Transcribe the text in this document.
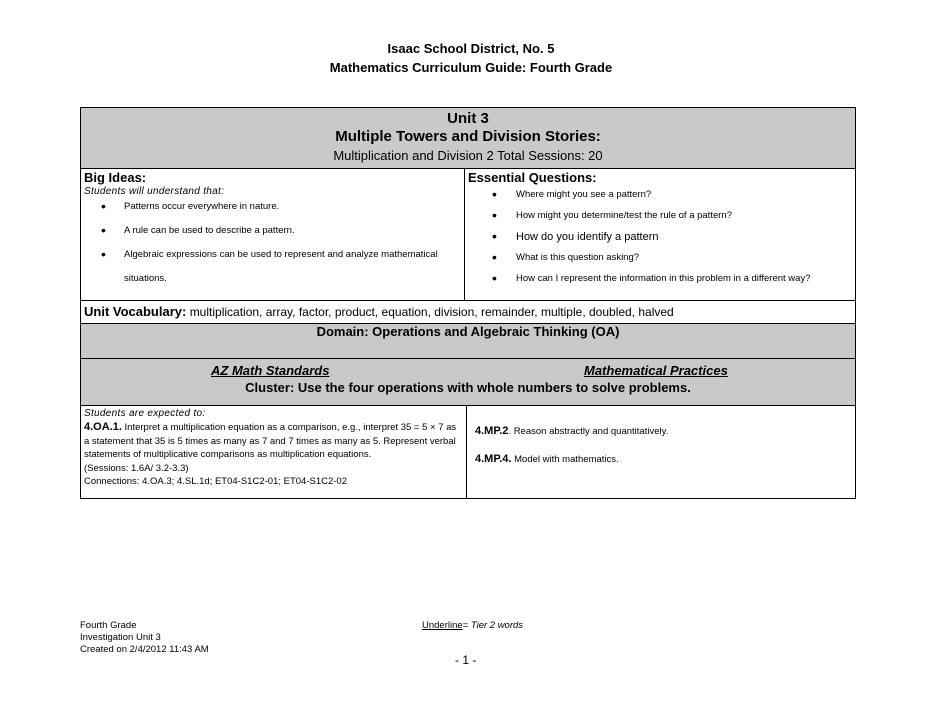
Isaac School District, No. 5
Mathematics Curriculum Guide: Fourth Grade
Unit 3
Multiple Towers and Division Stories:
Multiplication and Division 2 Total Sessions: 20
Big Ideas:
Students will understand that:
• Patterns occur everywhere in nature.
• A rule can be used to describe a pattern.
• Algebraic expressions can be used to represent and analyze mathematical situations.
Essential Questions:
• Where might you see a pattern?
• How might you determine/test the rule of a pattern?
• How do you identify a pattern
• What is this question asking?
• How can I represent the information in this problem in a different way?
Unit Vocabulary: multiplication, array, factor, product, equation, division, remainder, multiple, doubled, halved
Domain: Operations and Algebraic Thinking (OA)
AZ Math Standards	Mathematical Practices
Cluster: Use the four operations with whole numbers to solve problems.
Students are expected to:
4.OA.1. Interpret a multiplication equation as a comparison, e.g., interpret 35 = 5 × 7 as a statement that 35 is 5 times as many as 7 and 7 times as many as 5. Represent verbal statements of multiplicative comparisons as multiplication equations.
(Sessions: 1.6A/ 3.2-3.3)
Connections: 4.OA.3; 4.SL.1d; ET04-S1C2-01; ET04-S1C2-02
4.MP.2. Reason abstractly and quantitatively.
4.MP.4. Model with mathematics.
Fourth Grade
Investigation Unit 3
Created on 2/4/2012 11:43 AM
Underline= Tier 2 words
- 1 -
